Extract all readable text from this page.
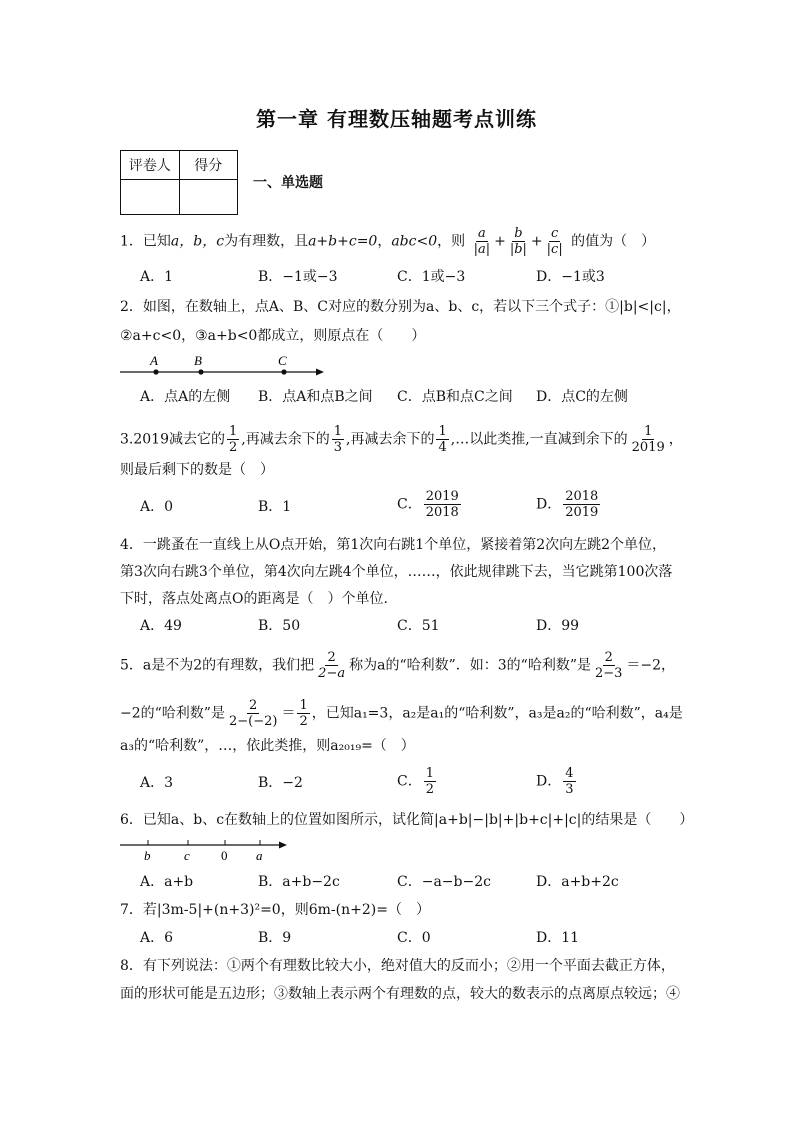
第一章 有理数压轴题考点训练
评卷人	得分

一、单选题
1．已知a，b，c为有理数，且a+b+c=0，abc<0，则 $\frac{a}{|a|} + \frac{b}{|b|} + \frac{c}{|c|}$ 的值为（　）
A．1	B．−1或−3	C．1或−3	D．−1或3
2．如图，在数轴上，点A、B、C对应的数分别为a、b、c，若以下三个式子：①|b|<|c|，
②a+c<0，③a+b<0都成立，则原点在（　　）
A	B	C
A．点A的左侧 B．点A和点B之间 C．点B和点C之间 D．点C的左侧
3.2019减去它的 $\frac{1}{2}$ ,再减去余下的 $\frac{1}{3}$ ,再减去余下的 $\frac{1}{4}$ ,…以此类推,一直减到余下的 $\frac{1}{2019}$ ，
则最后剩下的数是（　）
A．0	B．1	C． $\frac{2019}{2018}$	D． $\frac{2018}{2019}$
4．一跳蚤在一直线上从O点开始，第1次向右跳1个单位，紧接着第2次向左跳2个单位，
第3次向右跳3个单位，第4次向左跳4个单位，……，依此规律跳下去，当它跳第100次落
下时，落点处离点O的距离是（　）个单位.
A．49	B．50	C．51	D．99
5．a是不为2的有理数，我们把 $\frac{2}{2-a}$ 称为a的“哈利数”．如：3的“哈利数”是 $\frac{2}{2-3} =-2$，
−2的“哈利数”是 $\frac{2}{2-(-2)} = \frac{1}{2}$ ，已知a₁=3，a₂是a₁的“哈利数”，a₃是a₂的“哈利数”，a₄是
a₃的“哈利数”，…，依此类推，则a₂₀₁₉=（　）
A．3	B．−2	C． $\frac{1}{2}$	D． $\frac{4}{3}$
6．已知a、b、c在数轴上的位置如图所示，试化简|a+b|−|b|+|b+c|+|c|的结果是（　　）
b	c 0 a
A．a+b	B．a+b−2c	C．−a−b−2c	D．a+b+2c
7．若|3m-5|+(n+3)²=0，则6m-(n+2)=（　）
A．6	B．9	C．0	D．11
8．有下列说法：①两个有理数比较大小，绝对值大的反而小；②用一个平面去截正方体，
面的形状可能是五边形；③数轴上表示两个有理数的点，较大的数表示的点离原点较远；④
